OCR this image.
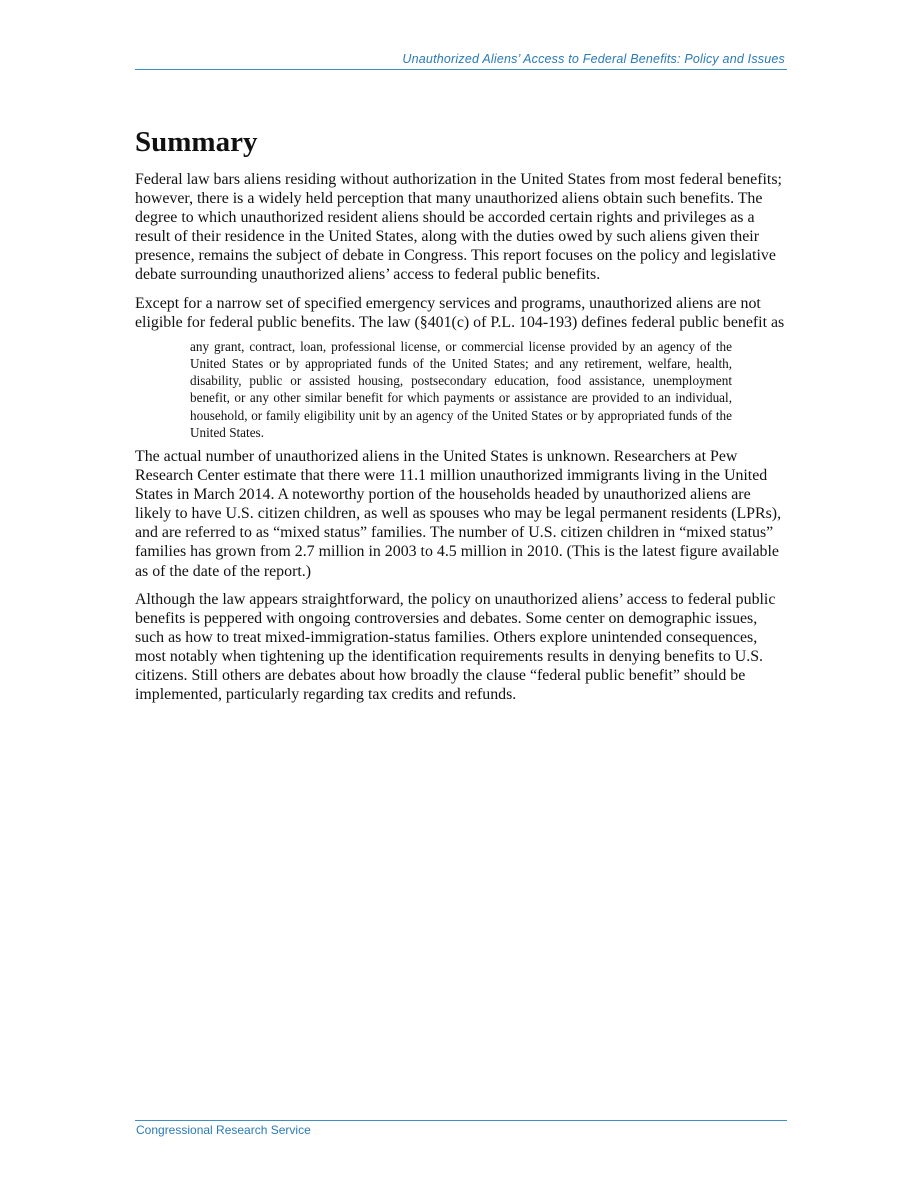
Unauthorized Aliens’ Access to Federal Benefits: Policy and Issues
Summary

Federal law bars aliens residing without authorization in the United States from most federal benefits; however, there is a widely held perception that many unauthorized aliens obtain such benefits. The degree to which unauthorized resident aliens should be accorded certain rights and privileges as a result of their residence in the United States, along with the duties owed by such aliens given their presence, remains the subject of debate in Congress. This report focuses on the policy and legislative debate surrounding unauthorized aliens’ access to federal public benefits.

Except for a narrow set of specified emergency services and programs, unauthorized aliens are not eligible for federal public benefits. The law (§401(c) of P.L. 104-193) defines federal public benefit as

any grant, contract, loan, professional license, or commercial license provided by an agency of the United States or by appropriated funds of the United States; and any retirement, welfare, health, disability, public or assisted housing, postsecondary education, food assistance, unemployment benefit, or any other similar benefit for which payments or assistance are provided to an individual, household, or family eligibility unit by an agency of the United States or by appropriated funds of the United States.

The actual number of unauthorized aliens in the United States is unknown. Researchers at Pew Research Center estimate that there were 11.1 million unauthorized immigrants living in the United States in March 2014. A noteworthy portion of the households headed by unauthorized aliens are likely to have U.S. citizen children, as well as spouses who may be legal permanent residents (LPRs), and are referred to as “mixed status” families. The number of U.S. citizen children in “mixed status” families has grown from 2.7 million in 2003 to 4.5 million in 2010. (This is the latest figure available as of the date of the report.)

Although the law appears straightforward, the policy on unauthorized aliens’ access to federal public benefits is peppered with ongoing controversies and debates. Some center on demographic issues, such as how to treat mixed-immigration-status families. Others explore unintended consequences, most notably when tightening up the identification requirements results in denying benefits to U.S. citizens. Still others are debates about how broadly the clause “federal public benefit” should be implemented, particularly regarding tax credits and refunds.

Congressional Research Service
